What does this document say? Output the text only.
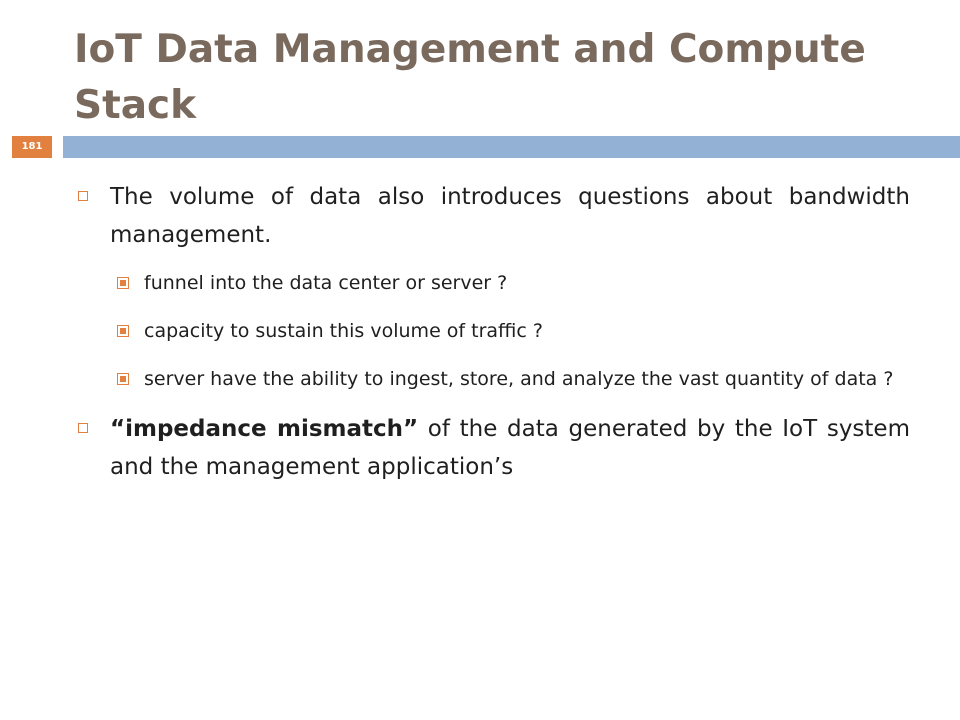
IoT Data Management and Compute Stack
181
The volume of data also introduces questions about bandwidth management.
funnel into the data center or server ?
capacity to sustain this volume of traffic ?
server have the ability to ingest, store, and analyze the vast quantity of data ?
“impedance mismatch” of the data generated by the IoT system and the management application’s
